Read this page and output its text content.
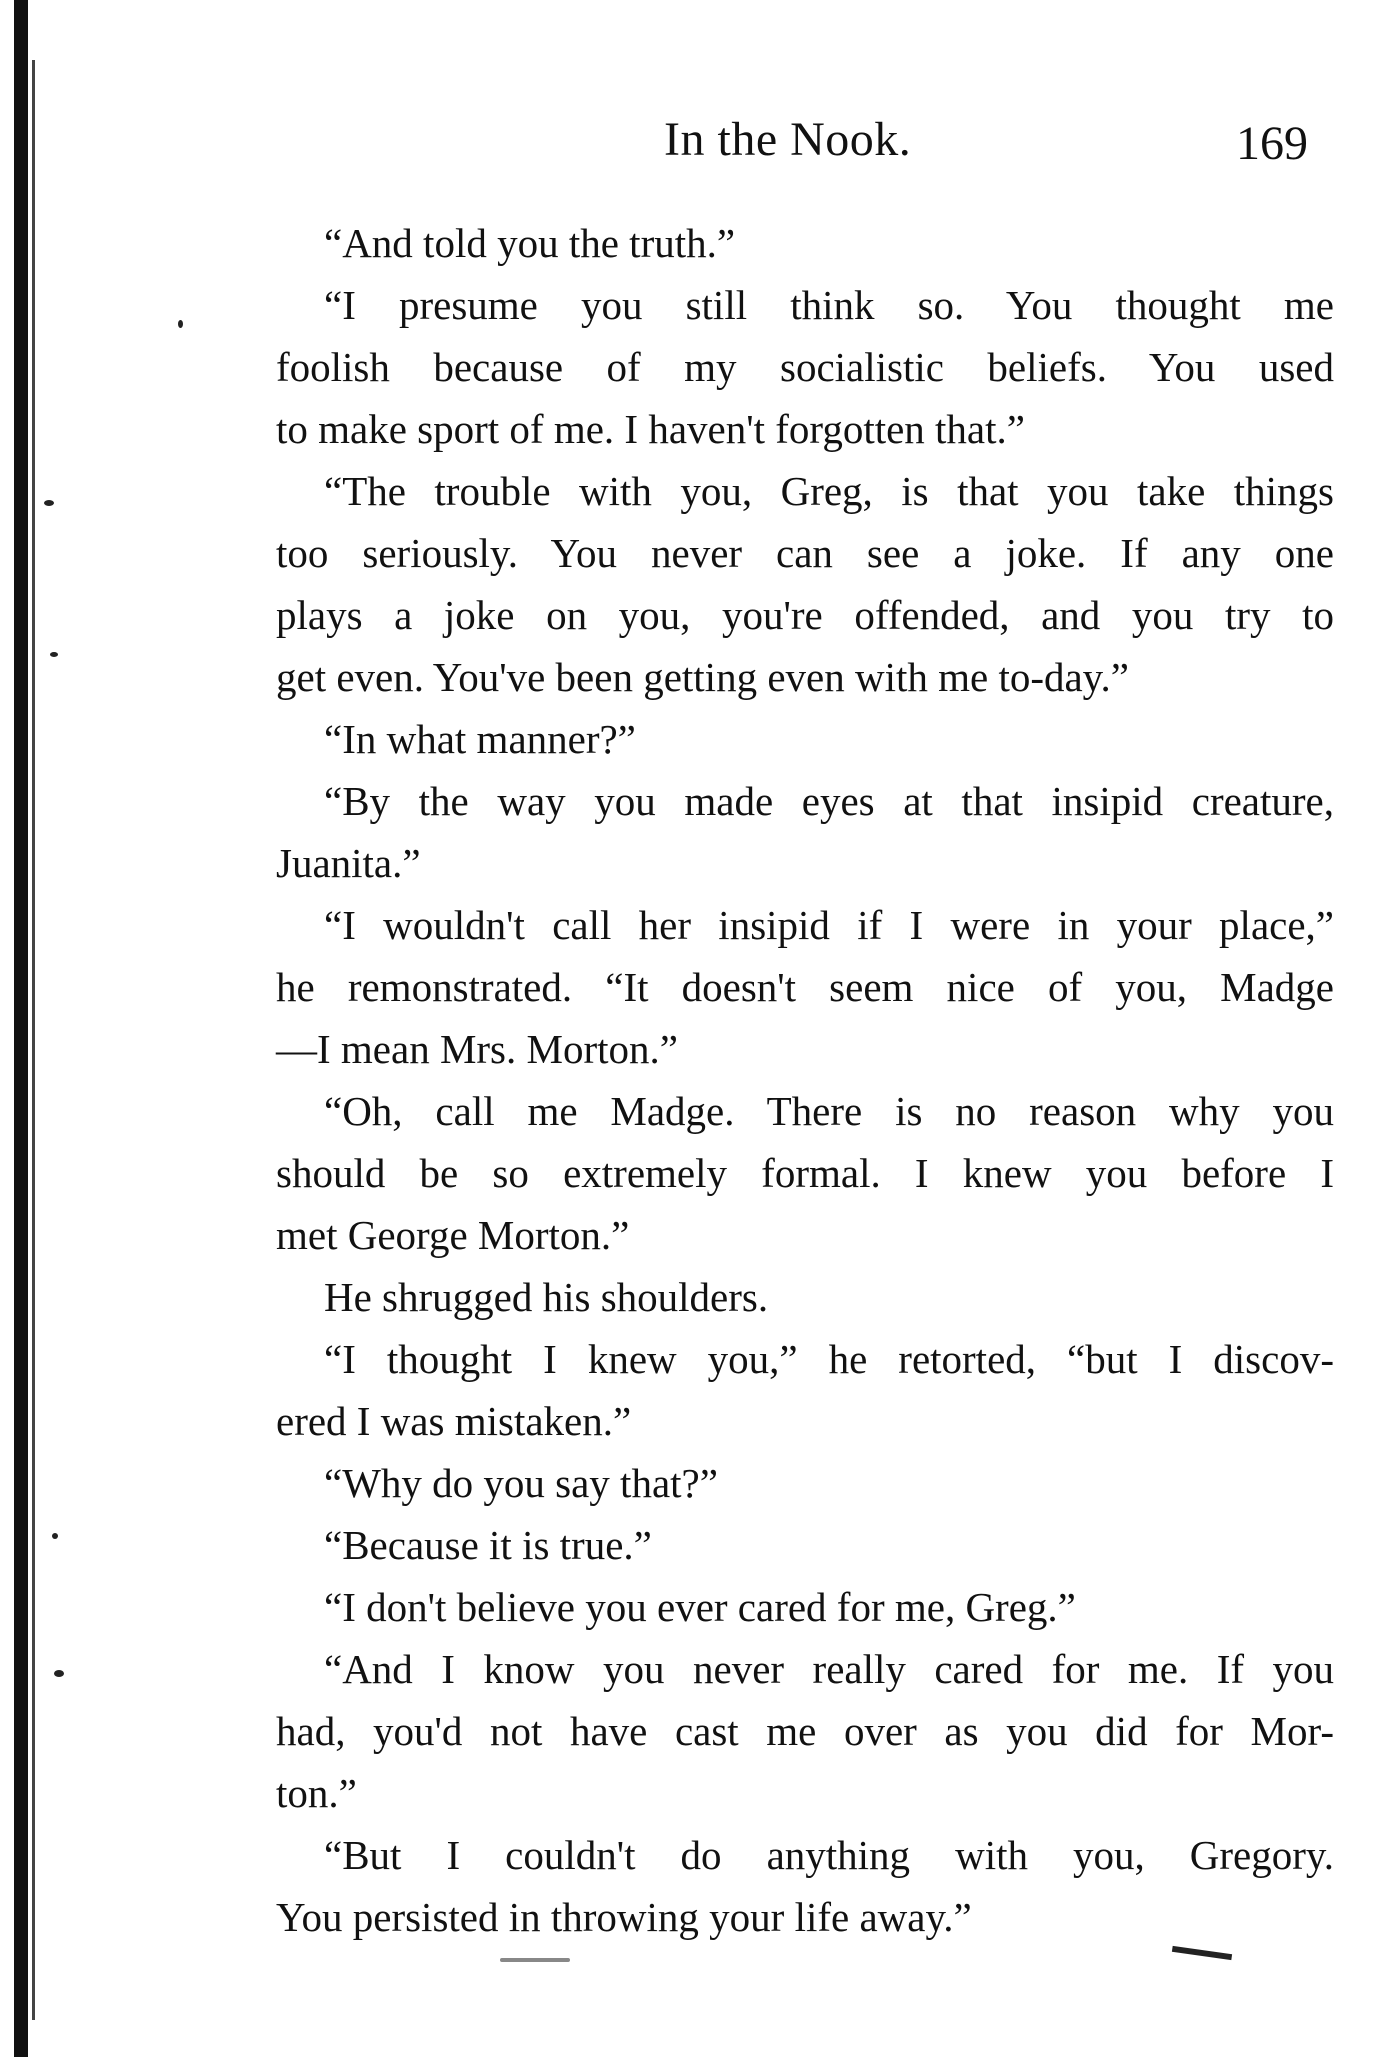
In the Nook.	169
“And told you the truth.”
“I presume you still think so. You thought me
foolish because of my socialistic beliefs. You used
to make sport of me. I haven't forgotten that.”
“The trouble with you, Greg, is that you take things
too seriously. You never can see a joke. If any one
plays a joke on you, you're offended, and you try to
get even. You've been getting even with me to-day.”
“In what manner?”
“By the way you made eyes at that insipid creature,
Juanita.”
“I wouldn't call her insipid if I were in your place,”
he remonstrated. “It doesn't seem nice of you, Madge
—I mean Mrs. Morton.”
“Oh, call me Madge. There is no reason why you
should be so extremely formal. I knew you before I
met George Morton.”
He shrugged his shoulders.
“I thought I knew you,” he retorted, “but I discov-
ered I was mistaken.”
“Why do you say that?”
“Because it is true.”
“I don't believe you ever cared for me, Greg.”
“And I know you never really cared for me. If you
had, you'd not have cast me over as you did for Mor-
ton.”
“But I couldn't do anything with you, Gregory.
You persisted in throwing your life away.”
